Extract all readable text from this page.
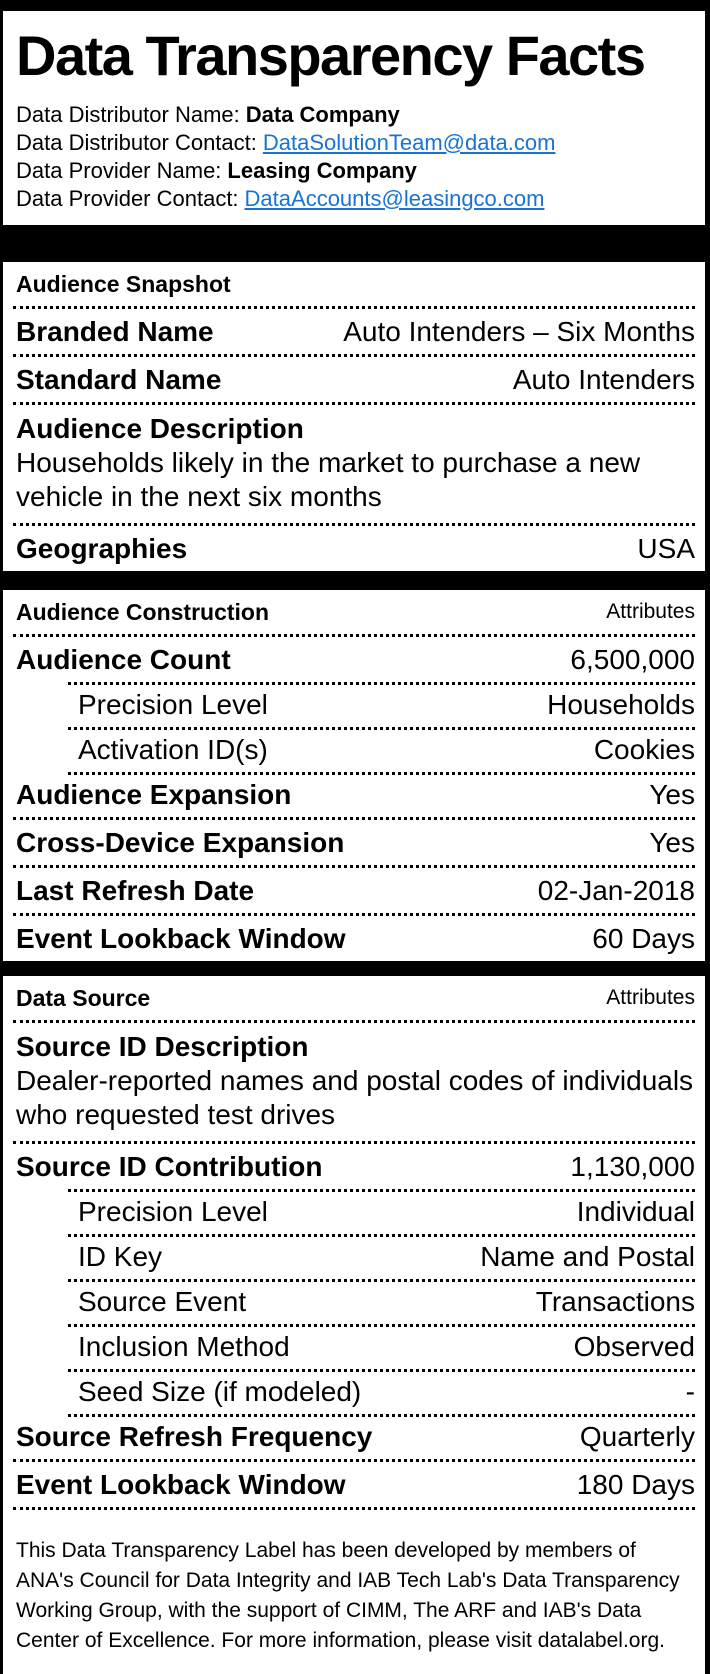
Data Transparency Facts
Data Distributor Name: Data Company
Data Distributor Contact: DataSolutionTeam@data.com
Data Provider Name: Leasing Company
Data Provider Contact: DataAccounts@leasingco.com
Audience Snapshot
Branded Name	Auto Intenders – Six Months
Standard Name	Auto Intenders
Audience Description
Households likely in the market to purchase a new vehicle in the next six months
Geographies	USA
Audience Construction	Attributes
Audience Count	6,500,000
Precision Level	Households
Activation ID(s)	Cookies
Audience Expansion	Yes
Cross-Device Expansion	Yes
Last Refresh Date	02-Jan-2018
Event Lookback Window	60 Days
Data Source	Attributes
Source ID Description
Dealer-reported names and postal codes of individuals who requested test drives
Source ID Contribution	1,130,000
Precision Level	Individual
ID Key	Name and Postal
Source Event	Transactions
Inclusion Method	Observed
Seed Size (if modeled)	-
Source Refresh Frequency	Quarterly
Event Lookback Window	180 Days
This Data Transparency Label has been developed by members of ANA's Council for Data Integrity and IAB Tech Lab's Data Transparency Working Group, with the support of CIMM, The ARF and IAB's Data Center of Excellence. For more information, please visit datalabel.org.
